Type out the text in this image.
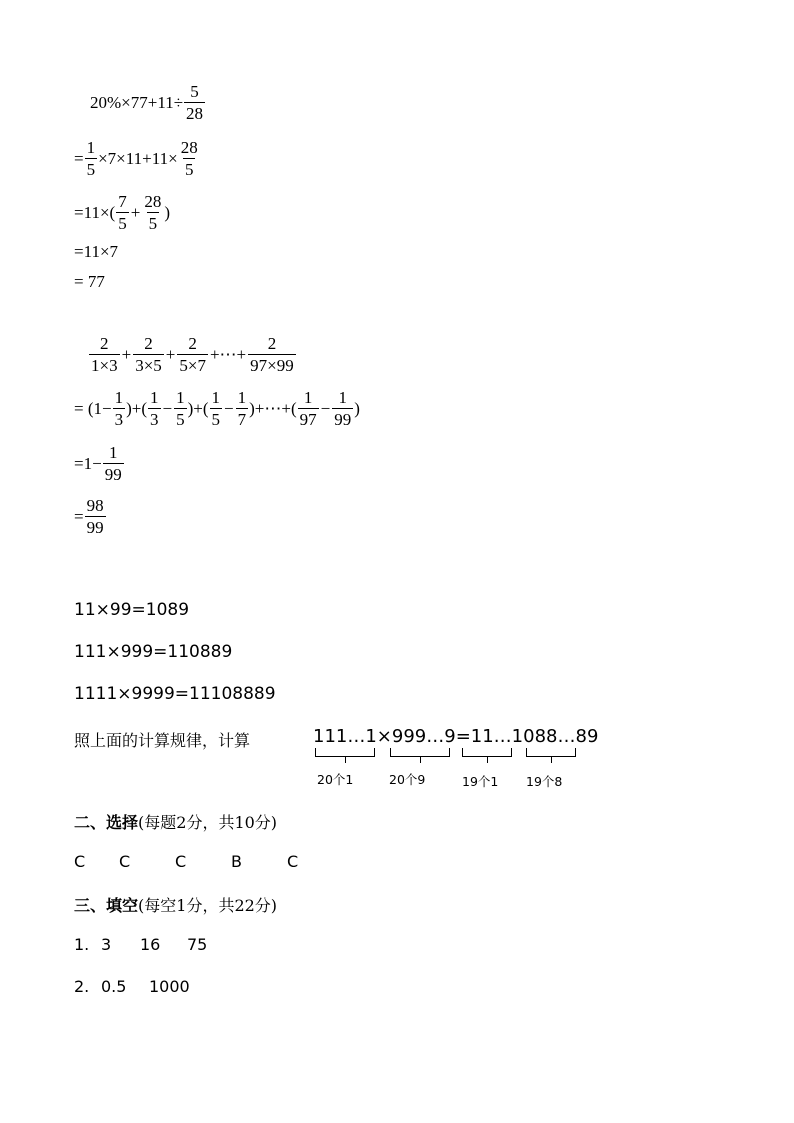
$20\%\times 77+11\div \frac{5}{28}$
= $\frac{1}{5} \times 7\times 11+11\times \frac{28}{5}$
$=11\times( \frac{7}{5} + \frac{28}{5}$ )
=11×7
= 77
$\frac{2}{1\times 3} + \frac{2}{3\times 5} + \frac{2}{5\times 7}$ +⋯+ $\frac{2}{97\times 99}$
= ($1- \frac{1}{3}$ )+( $\frac{1}{3} - \frac{1}{5}$ )+( $\frac{1}{5} - \frac{1}{7}$ )+⋯+( $\frac{1}{97} - \frac{1}{99}$ )
$=1- \frac{1}{99}$
= $\frac{98}{99}$
11×99=1089
111×999=110889
1111×9999=11108889
照上面的计算规律，计算	111…1×999…9=11…1088…89
20个1	20个9	19个1 19个8
二、选择(每题2分，共10分)
C C	C	B	C
三、填空(每空1分，共22分)
1. 3 16 75
2. 0.5 1000
